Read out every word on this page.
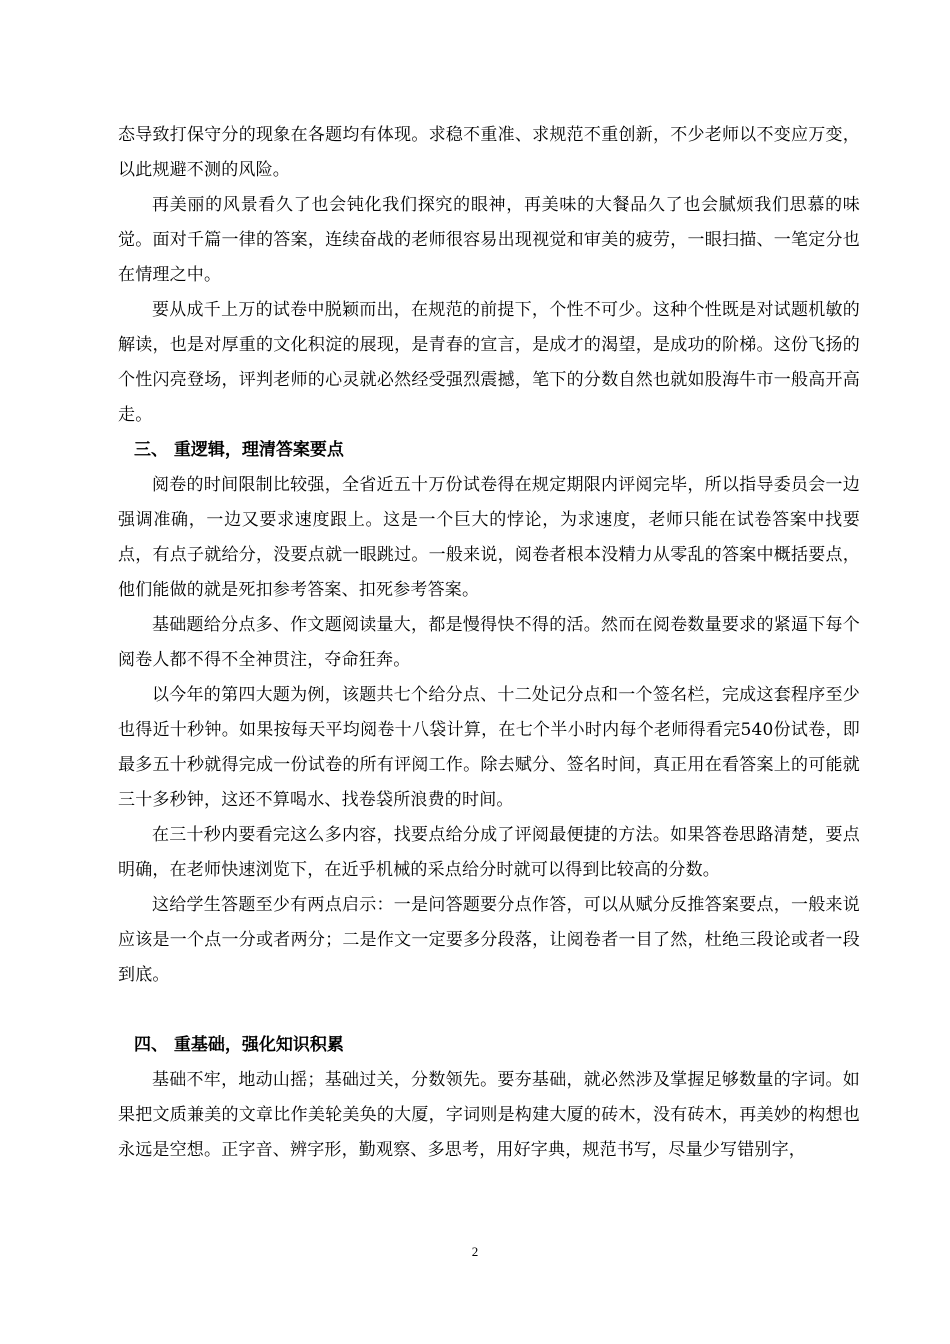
态导致打保守分的现象在各题均有体现。求稳不重准、求规范不重创新，不少老师以不变应万变，以此规避不测的风险。

再美丽的风景看久了也会钝化我们探究的眼神，再美味的大餐品久了也会腻烦我们思慕的味觉。面对千篇一律的答案，连续奋战的老师很容易出现视觉和审美的疲劳，一眼扫描、一笔定分也在情理之中。

要从成千上万的试卷中脱颖而出，在规范的前提下，个性不可少。这种个性既是对试题机敏的解读，也是对厚重的文化积淀的展现，是青春的宣言，是成才的渴望，是成功的阶梯。这份飞扬的个性闪亮登场，评判老师的心灵就必然经受强烈震撼，笔下的分数自然也就如股海牛市一般高开高走。

三、 重逻辑，理清答案要点

阅卷的时间限制比较强，全省近五十万份试卷得在规定期限内评阅完毕，所以指导委员会一边强调准确，一边又要求速度跟上。这是一个巨大的悖论，为求速度，老师只能在试卷答案中找要点，有点子就给分，没要点就一眼跳过。一般来说，阅卷者根本没精力从零乱的答案中概括要点，他们能做的就是死扣参考答案、扣死参考答案。

基础题给分点多、作文题阅读量大，都是慢得快不得的活。然而在阅卷数量要求的紧逼下每个阅卷人都不得不全神贯注，夺命狂奔。

以今年的第四大题为例，该题共七个给分点、十二处记分点和一个签名栏，完成这套程序至少也得近十秒钟。如果按每天平均阅卷十八袋计算，在七个半小时内每个老师得看完540份试卷，即最多五十秒就得完成一份试卷的所有评阅工作。除去赋分、签名时间，真正用在看答案上的可能就三十多秒钟，这还不算喝水、找卷袋所浪费的时间。

在三十秒内要看完这么多内容，找要点给分成了评阅最便捷的方法。如果答卷思路清楚，要点明确，在老师快速浏览下，在近乎机械的采点给分时就可以得到比较高的分数。

这给学生答题至少有两点启示：一是问答题要分点作答，可以从赋分反推答案要点，一般来说应该是一个点一分或者两分；二是作文一定要多分段落，让阅卷者一目了然，杜绝三段论或者一段到底。

四、 重基础，强化知识积累

基础不牢，地动山摇；基础过关，分数领先。要夯基础，就必然涉及掌握足够数量的字词。如果把文质兼美的文章比作美轮美奂的大厦，字词则是构建大厦的砖木，没有砖木，再美妙的构想也永远是空想。正字音、辨字形，勤观察、多思考，用好字典，规范书写，尽量少写错别字，

2
